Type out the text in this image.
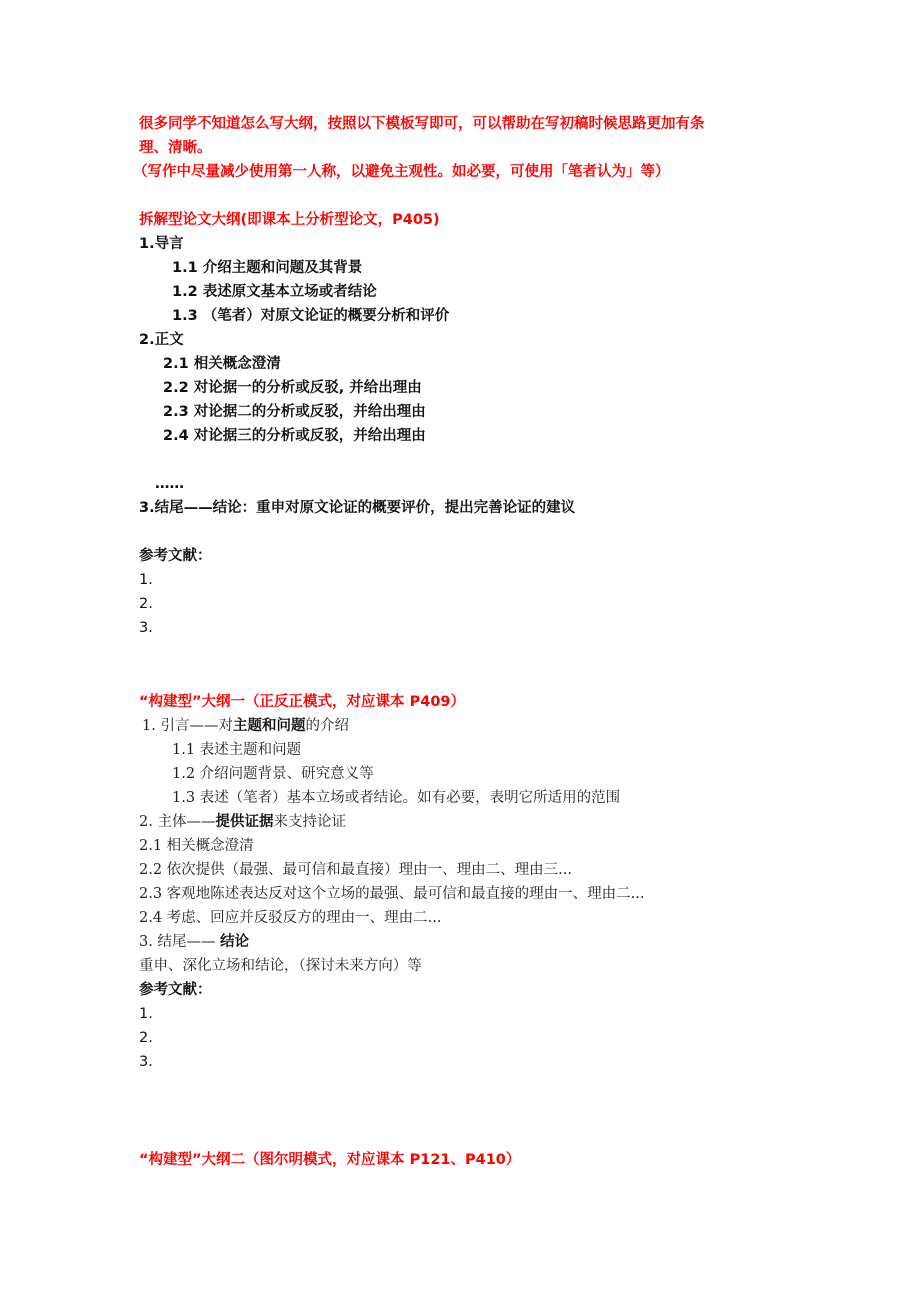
很多同学不知道怎么写大纲，按照以下模板写即可，可以帮助在写初稿时候思路更加有条
理、清晰。
（写作中尽量减少使用第一人称，以避免主观性。如必要，可使用「笔者认为」等）
拆解型论文大纲(即课本上分析型论文，P405)
1.导言
1.1 介绍主题和问题及其背景
1.2 表述原文基本立场或者结论
1.3 （笔者）对原文论证的概要分析和评价
2.正文
2.1 相关概念澄清
2.2 对论据一的分析或反驳, 并给出理由
2.3 对论据二的分析或反驳，并给出理由
2.4 对论据三的分析或反驳，并给出理由
……
3.结尾——结论：重申对原文论证的概要评价，提出完善论证的建议
参考文献：
1.
2.
3.
“构建型”大纲一（正反正模式，对应课本 P409）
1. 引言——对主题和问题的介绍
1.1 表述主题和问题
1.2 介绍问题背景、研究意义等
1.3 表述（笔者）基本立场或者结论。如有必要，表明它所适用的范围
2. 主体——提供证据来支持论证
2.1 相关概念澄清
2.2 依次提供（最强、最可信和最直接）理由一、理由二、理由三...
2.3 客观地陈述表达反对这个立场的最强、最可信和最直接的理由一、理由二...
2.4 考虑、回应并反驳反方的理由一、理由二...
3. 结尾—— 结论
重申、深化立场和结论，（探讨未来方向）等
参考文献：
1.
2.
3.
“构建型”大纲二（图尔明模式，对应课本 P121、P410）
